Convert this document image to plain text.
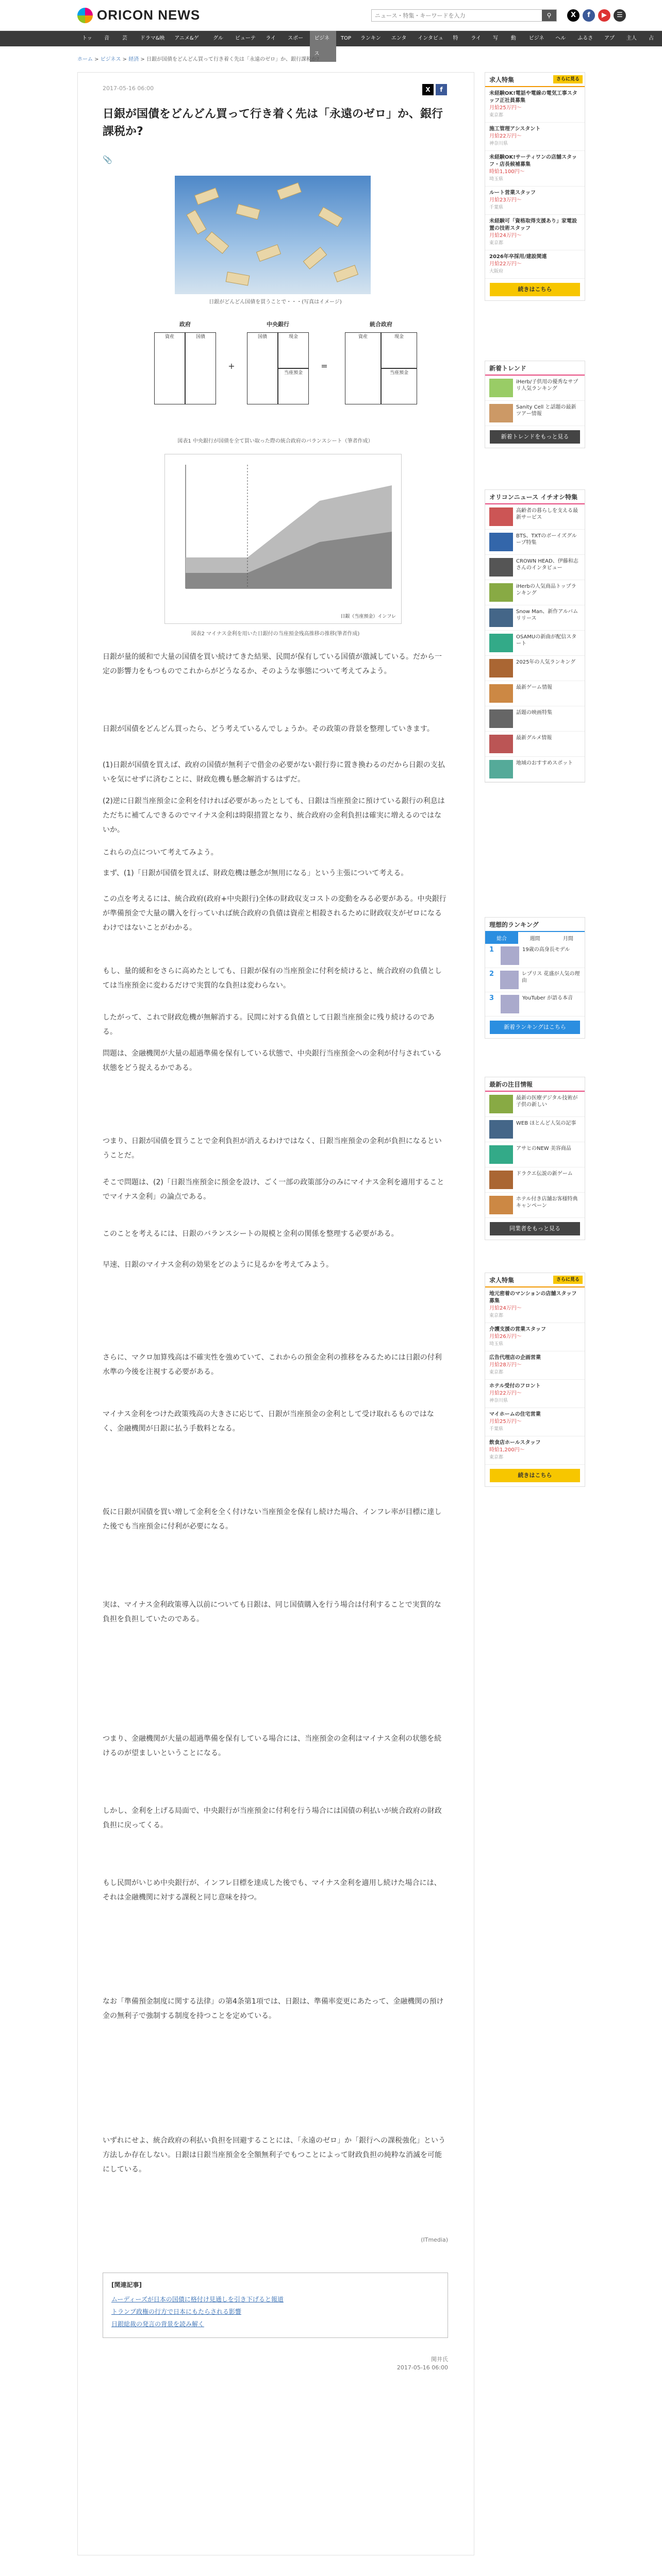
ORICON NEWS
ニュース・特集・キーワードを入力	⚲	X	f	▶	☰
トップ
音楽
芸能
ドラマ&映画
アニメ&ゲーム
グルメ
ビューティ
ライフ
スポーツ
ビジネス
TOP	ランキング
エンタメ
インタビュー
特集
ライブ
写真
動画
ビジネス
ヘルス
ふるさと
アプリ
主人公
占い
ホーム > ビジネス > 経済 > 日銀が国債をどんどん買って行き着く先は「永遠のゼロ」か、銀行課税か?
2017-05-16 06:00	X	f
日銀が国債をどんどん買って行き着く先は「永遠のゼロ」か、銀行課税か?
📎
日銀がどんどん国債を買うことで・・・(写真はイメージ)
政府	中央銀行	統合政府
資産	国債
+
国債	現金
当座預金
=
資産	現金
当座預金
図表1 中央銀行が国債を全て買い取った際の統合政府のバランスシート（筆者作成）
日銀（当座預金）インフレ
図表2 マイナス金利を用いた日銀付の当座預金残高推移の推移(筆者作成)

日銀が量的緩和で大量の国債を買い続けてきた結果、民間が保有している国債が激減している。だから一定の影響力をもつものでこれからがどうなるか、そのような事態について考えてみよう。

日銀が国債をどんどん買ったら、どう考えているんでしょうか。その政策の背景を整理していきます。

(1)日銀が国債を買えば、政府の国債が無利子で借金の必要がない銀行券に置き換わるのだから日銀の支払いを気にせずに済むことに、財政危機も懸念解消するはずだ。

(2)逆に日銀当座預金に金利を付ければ必要があったとしても、日銀は当座預金に預けている銀行の利息はただちに補てんできるのでマイナス金利は時限措置となり、統合政府の金利負担は確実に増えるのではないか。

これらの点について考えてみよう。

まず、(1)「日銀が国債を買えば、財政危機は懸念が無用になる」という主張について考える。

この点を考えるには、統合政府(政府+中央銀行)全体の財政収支コストの変動をみる必要がある。中央銀行が準備預金で大量の購入を行っていれば統合政府の負債は資産と相殺されるために財政収支がゼロになるわけではないことがわかる。

もし、量的緩和をさらに高めたとしても、日銀が保有の当座預金に付利を続けると、統合政府の負債としては当座預金に変わるだけで実質的な負担は変わらない。

したがって、これで財政危機が無解消する。民間に対する負債として日銀当座預金に残り続けるのである。

問題は、金融機関が大量の超過準備を保有している状態で、中央銀行当座預金への金利が付与されている状態をどう捉えるかである。

つまり、日銀が国債を買うことで金利負担が消えるわけではなく、日銀当座預金の金利が負担になるということだ。

そこで問題は、(2)「日銀当座預金に預金を設け、ごく一部の政策部分のみにマイナス金利を適用することでマイナス金利」の論点である。

このことを考えるには、日銀のバランスシートの規模と金利の関係を整理する必要がある。

早速、日銀のマイナス金利の効果をどのように見るかを考えてみよう。

さらに、マクロ加算残高は不確実性を強めていて、これからの預金金利の推移をみるためには日銀の付利水準の今後を注視する必要がある。

マイナス金利をつけた政策残高の大きさに応じて、日銀が当座預金の金利として受け取れるものではなく、金融機関が日銀に払う手数料となる。

仮に日銀が国債を買い増して金利を全く付けない当座預金を保有し続けた場合、インフレ率が目標に達した後でも当座預金に付利が必要になる。

実は、マイナス金利政策導入以前についても日銀は、同じ国債購入を行う場合は付利することで実質的な負担を負担していたのである。

つまり、金融機関が大量の超過準備を保有している場合には、当座預金の金利はマイナス金利の状態を続けるのが望ましいということになる。

しかし、金利を上げる局面で、中央銀行が当座預金に付利を行う場合には国債の利払いが統合政府の財政負担に戻ってくる。

もし民間がいじめ中央銀行が、インフレ目標を達成した後でも、マイナス金利を適用し続けた場合には、それは金融機関に対する課税と同じ意味を持つ。

なお「準備預金制度に関する法律」の第4条第1項では、日銀は、準備率変更にあたって、金融機関の預け金の無利子で強制する制度を持つことを定めている。

いずれにせよ、統合政府の利払い負担を回避することには、「永遠のゼロ」か「銀行への課税強化」という方法しか存在しない。日銀は日銀当座預金を全額無利子でもつことによって財政負担の純粋な消滅を可能にしている。

[関連記事]
ムーディーズが日本の国債に格付け見通しを引き下げると報道
トランプ政権の行方で日本にもたらされる影響
日銀総裁の発言の背景を読み解く
(ITmedia)
関井氏
2017-05-16 06:00
求人特集	さらに見る
未経験OK!電話や電線の電気工事スタッフ正社員募集
月給25万円〜
東京都
施工管理アシスタント
月給22万円〜
神奈川県
未経験OK!サーティワンの店舗スタッフ・店長候補募集
時給1,100円〜
埼玉県
ルート営業スタッフ
月給23万円〜
千葉県
未経験可「資格取得支援あり」家電設置の技術スタッフ
月給24万円〜
東京都
2026年卒採用/建設関連
月給22万円〜
大阪府
続きはこちら
新着トレンド
iHerb/子供用の優秀なサプリ人気ランキング
Sanity Cell と話題の最新ツアー情報
新着トレンドをもっと見る
オリコンニュース イチオシ特集
高齢者の暮らしを支える最新サービス
BTS、TXTのボーイズグループ特集
CROWN HEAD、伊藤和志さんのインタビュー
iHerbの人気商品トップランキング
Snow Man、新作アルバムリリース
OSAMUの新曲が配信スタート
2025年の人気ランキング
最新ゲーム情報
話題の映画特集
最新グルメ情報
地域のおすすめスポット
理想的ランキング
総合	週間	月間
1	19歳の高身長モデル
2	レプリス 花盛が人気の理由
3	YouTuber が語る本音
新着ランキングはこちら
最新の注目情報
最新の医療デジタル技術が子供の新しい
WEB ほとんど人気の記事
アサヒのNEW 美容商品
ドラクエ伝説の新ゲーム
ホテル付き店舗お客様特典キャンペーン
同業者をもっと見る
求人特集	さらに見る
地元密着のマンションの店舗スタッフ募集
月給24万円〜
東京都
介護支援の営業スタッフ
月給26万円〜
埼玉県
広告代理店の企画営業
月給28万円〜
東京都
ホテル受付のフロント
月給22万円〜
神奈川県
マイホームの住宅営業
月給25万円〜
千葉県
飲食店ホールスタッフ
時給1,200円〜
東京都
続きはこちら
